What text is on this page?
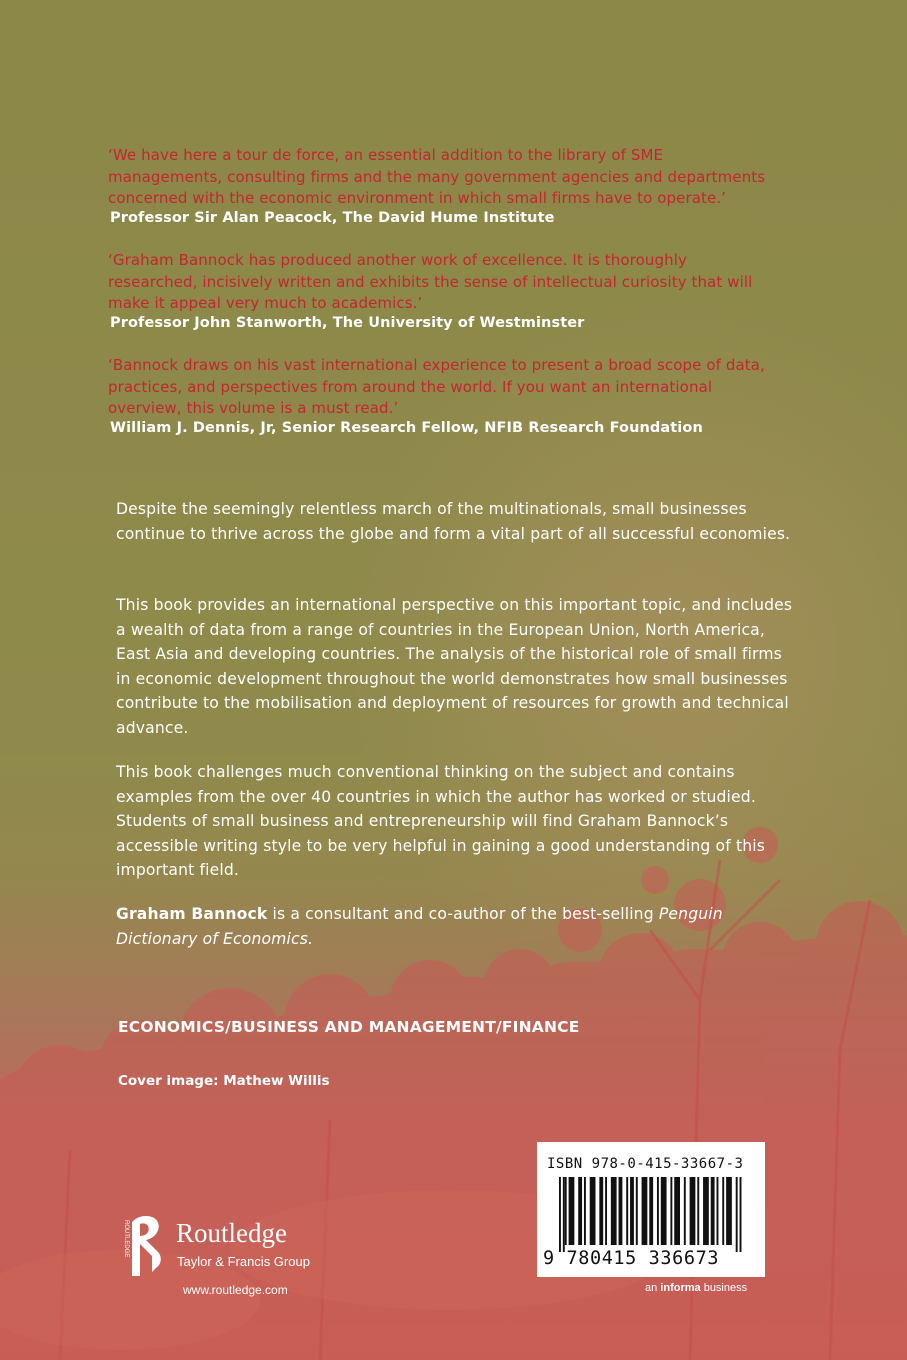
‘We have here a tour de force, an essential addition to the library of SME managements, consulting firms and the many government agencies and departments concerned with the economic environment in which small firms have to operate.’

Professor Sir Alan Peacock, The David Hume Institute

‘Graham Bannock has produced another work of excellence. It is thoroughly researched, incisively written and exhibits the sense of intellectual curiosity that will make it appeal very much to academics.’

Professor John Stanworth, The University of Westminster

‘Bannock draws on his vast international experience to present a broad scope of data, practices, and perspectives from around the world. If you want an international overview, this volume is a must read.’

William J. Dennis, Jr, Senior Research Fellow, NFIB Research Foundation

Despite the seemingly relentless march of the multinationals, small businesses continue to thrive across the globe and form a vital part of all successful economies.

This book provides an international perspective on this important topic, and includes a wealth of data from a range of countries in the European Union, North America, East Asia and developing countries. The analysis of the historical role of small firms in economic development throughout the world demonstrates how small businesses contribute to the mobilisation and deployment of resources for growth and technical advance.

This book challenges much conventional thinking on the subject and contains examples from the over 40 countries in which the author has worked or studied. Students of small business and entrepreneurship will find Graham Bannock’s accessible writing style to be very helpful in gaining a good understanding of this important field.

Graham Bannock is a consultant and co-author of the best-selling Penguin Dictionary of Economics.

ECONOMICS/BUSINESS AND MANAGEMENT/FINANCE

Cover image: Mathew Willis

ROUTLEDGE Routledge
Taylor & Francis Group
www.routledge.com
ISBN 978-0-415-33667-3
9 780415 336673
an informa business
